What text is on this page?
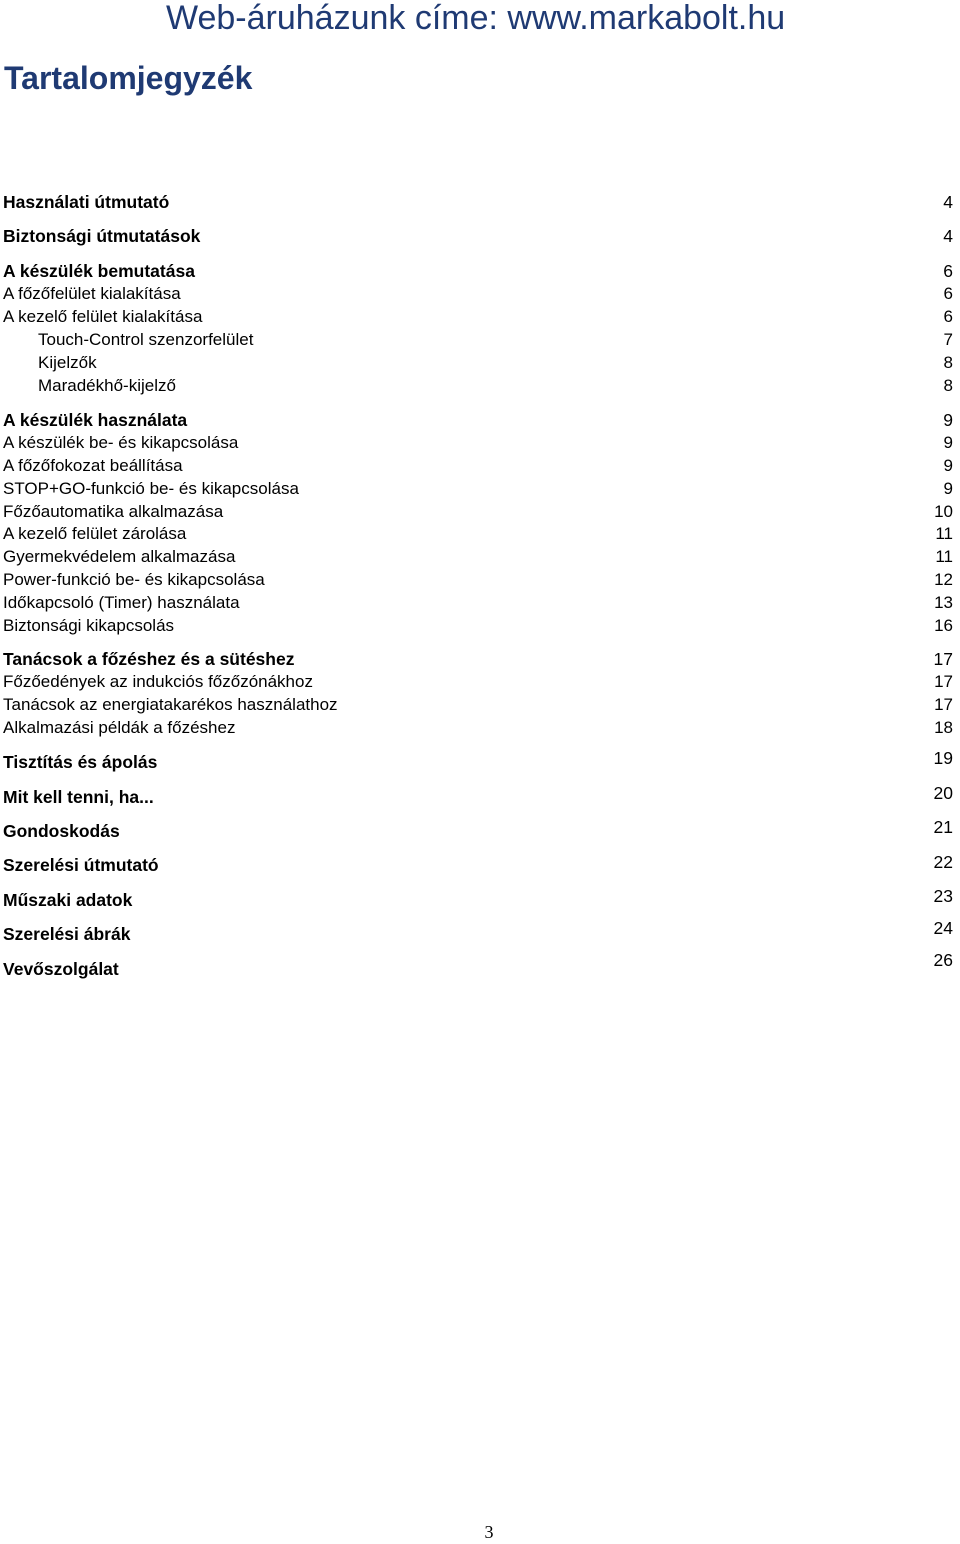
Web-áruházunk címe: www.markabolt.hu
Tartalomjegyzék
Használati útmutató	4
Biztonsági útmutatások	4
A készülék bemutatása	6
A főzőfelület kialakítása	6
A kezelő felület kialakítása	6
Touch-Control szenzorfelület	7
Kijelzők	8
Maradékhő-kijelző	8
A készülék használata	9
A készülék be- és kikapcsolása	9
A főzőfokozat beállítása	9
STOP+GO-funkció be- és kikapcsolása	9
Főzőautomatika alkalmazása	10
A kezelő felület zárolása	11
Gyermekvédelem alkalmazása	11
Power-funkció be- és kikapcsolása	12
Időkapcsoló (Timer) használata	13
Biztonsági kikapcsolás	16
Tanácsok a főzéshez és a sütéshez	17
Főzőedények az indukciós főzőzónákhoz	17
Tanácsok az energiatakarékos használathoz	17
Alkalmazási példák a főzéshez	18
Tisztítás és ápolás	19
Mit kell tenni, ha...	20
Gondoskodás	21
Szerelési útmutató	22
Műszaki adatok	23
Szerelési ábrák	24
Vevőszolgálat	26
3
